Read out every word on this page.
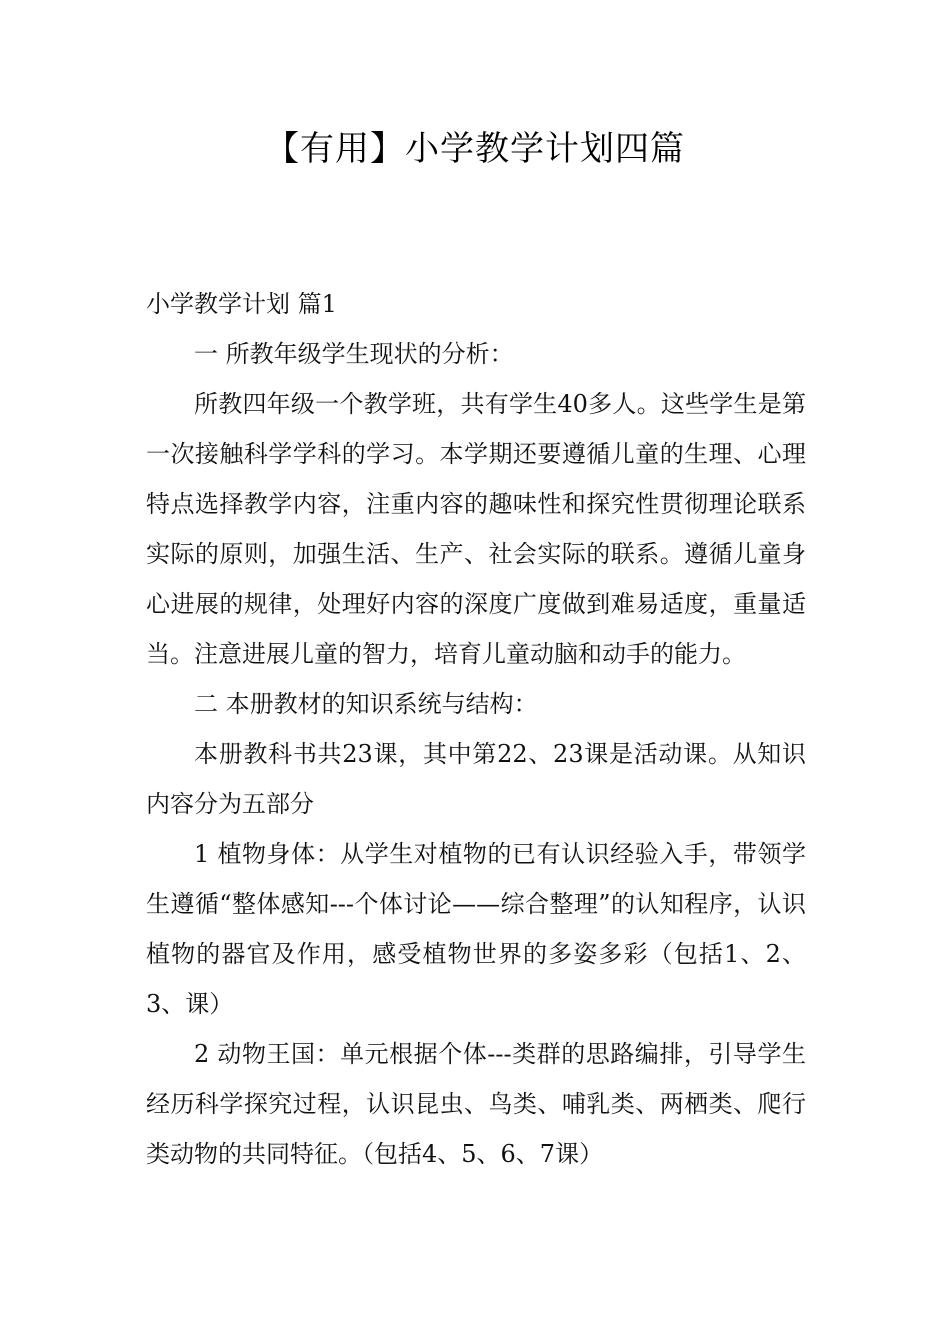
【有用】小学教学计划四篇

小学教学计划 篇1

一 所教年级学生现状的分析：

所教四年级一个教学班，共有学生40多人。这些学生是第一次接触科学学科的学习。本学期还要遵循儿童的生理、心理特点选择教学内容，注重内容的趣味性和探究性贯彻理论联系实际的原则，加强生活、生产、社会实际的联系。遵循儿童身心进展的规律，处理好内容的深度广度做到难易适度，重量适当。注意进展儿童的智力，培育儿童动脑和动手的能力。

二 本册教材的知识系统与结构：

本册教科书共23课，其中第22、23课是活动课。从知识内容分为五部分

1 植物身体：从学生对植物的已有认识经验入手，带领学生遵循“整体感知---个体讨论——综合整理”的认知程序，认识植物的器官及作用，感受植物世界的多姿多彩（包括1、2、3、课）

2 动物王国：单元根据个体---类群的思路编排，引导学生经历科学探究过程，认识昆虫、鸟类、哺乳类、两栖类、爬行类动物的共同特征。（包括4、5、6、7课）
